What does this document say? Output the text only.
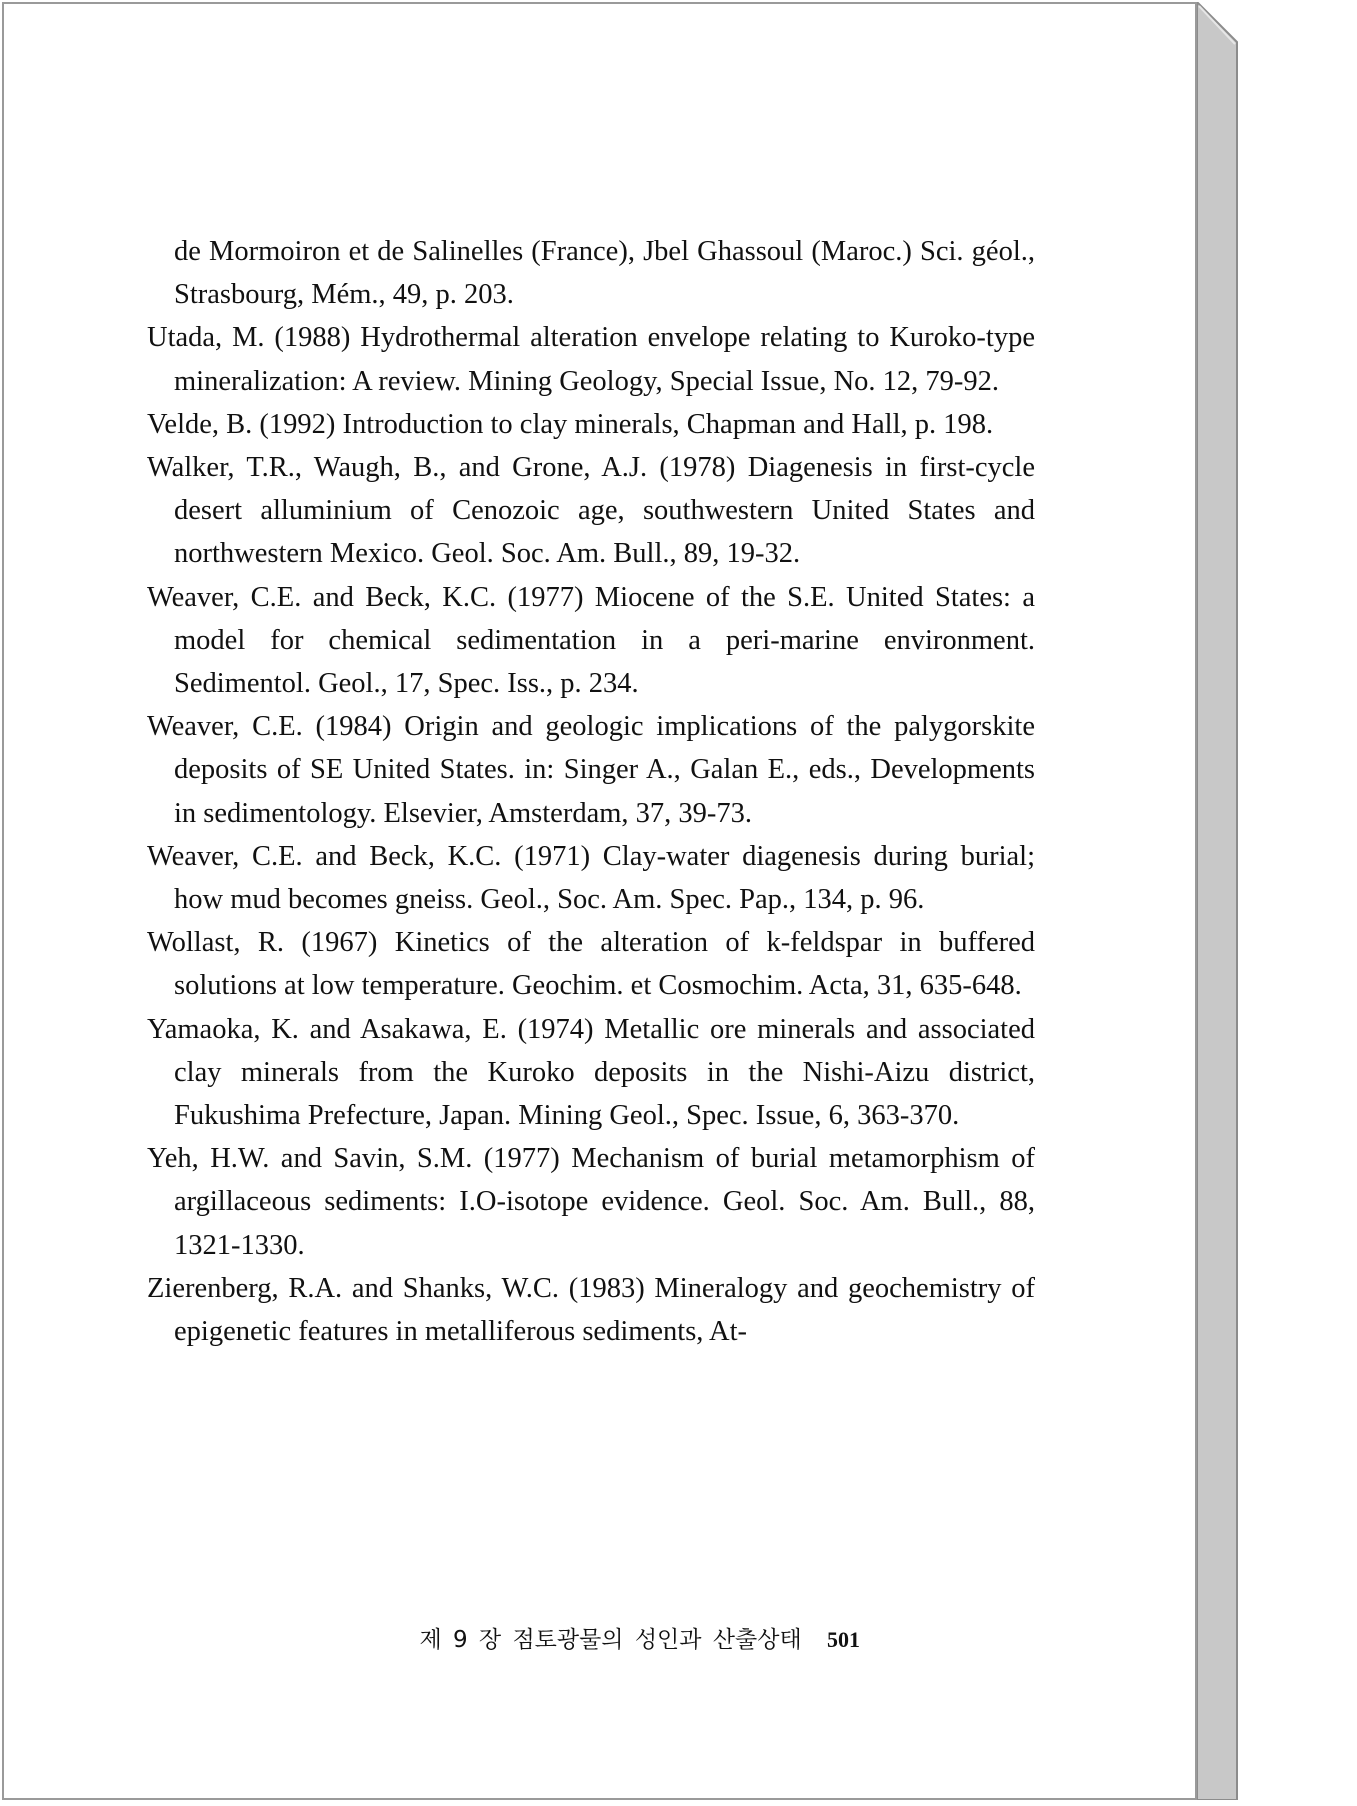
de Mormoiron et de Salinelles (France), Jbel Ghassoul (Maroc.) Sci. géol., Strasbourg, Mém., 49, p. 203.

Utada, M. (1988) Hydrothermal alteration envelope relating to Kuroko-type mineralization: A review. Mining Geology, Special Issue, No. 12, 79-92.

Velde, B. (1992) Introduction to clay minerals, Chapman and Hall, p. 198.

Walker, T.R., Waugh, B., and Grone, A.J. (1978) Diagenesis in first-cycle desert alluminium of Cenozoic age, southwestern United States and northwestern Mexico. Geol. Soc. Am. Bull., 89, 19-32.

Weaver, C.E. and Beck, K.C. (1977) Miocene of the S.E. United States: a model for chemical sedimentation in a peri-marine environment. Sedimentol. Geol., 17, Spec. Iss., p. 234.

Weaver, C.E. (1984) Origin and geologic implications of the palygorskite deposits of SE United States. in: Singer A., Galan E., eds., Developments in sedimentology. Elsevier, Amsterdam, 37, 39-73.

Weaver, C.E. and Beck, K.C. (1971) Clay-water diagenesis during burial; how mud becomes gneiss. Geol., Soc. Am. Spec. Pap., 134, p. 96.

Wollast, R. (1967) Kinetics of the alteration of k-feldspar in buffered solutions at low temperature. Geochim. et Cosmochim. Acta, 31, 635-648.

Yamaoka, K. and Asakawa, E. (1974) Metallic ore minerals and associated clay minerals from the Kuroko deposits in the Nishi-Aizu district, Fukushima Prefecture, Japan. Mining Geol., Spec. Issue, 6, 363-370.

Yeh, H.W. and Savin, S.M. (1977) Mechanism of burial metamorphism of argillaceous sediments: I.O-isotope evidence. Geol. Soc. Am. Bull., 88, 1321-1330.

Zierenberg, R.A. and Shanks, W.C. (1983) Mineralogy and geochemistry of epigenetic features in metalliferous sediments, At-

제 9 장 점토광물의 성인과 산출상태 501
